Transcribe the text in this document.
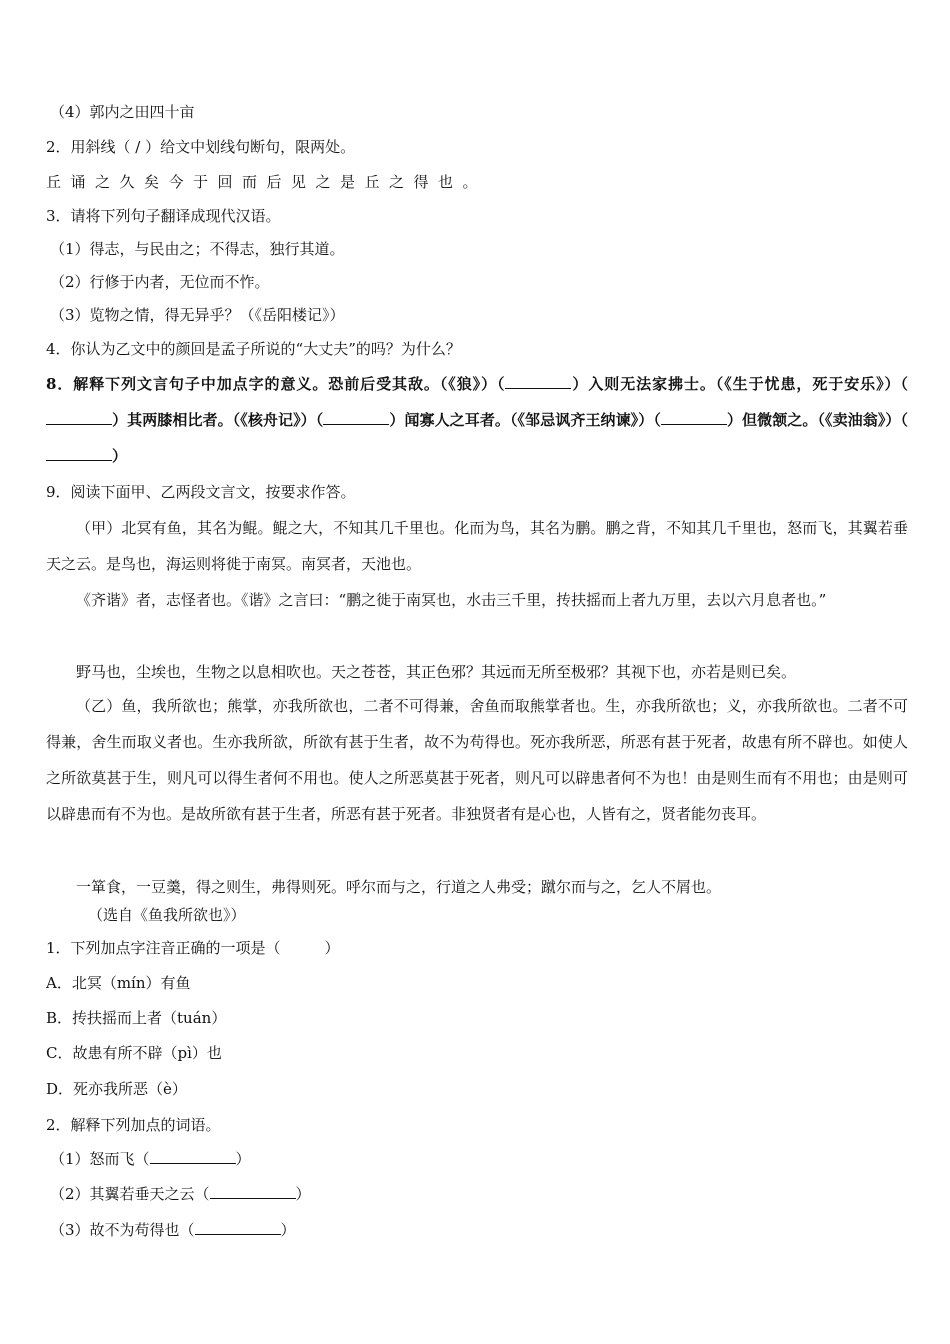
（4）郭内之田四十亩
2．用斜线（ / ）给文中划线句断句，限两处。
丘诵之久矣今于回而后见之是丘之得也。
3．请将下列句子翻译成现代汉语。
（1）得志，与民由之；不得志，独行其道。
（2）行修于内者，无位而不怍。
（3）览物之情，得无异乎？（《岳阳楼记》）
4．你认为乙文中的颜回是孟子所说的“大丈夫”的吗？为什么？
8．解释下列文言句子中加点字的意义。恐前后受其敌。（《狼》）（	）入则无法家拂士。（《生于忧患，死于安乐》）（）其两膝相比者。（《核舟记》）（	）闻寡人之耳者。（《邹忌讽齐王纳谏》）（	）但微颔之。（《卖油翁》）（）
9．阅读下面甲、乙两段文言文，按要求作答。
（甲）北冥有鱼，其名为鲲。鲲之大，不知其几千里也。化而为鸟，其名为鹏。鹏之背，不知其几千里也，怒而飞，其翼若垂天之云。是鸟也，海运则将徙于南冥。南冥者，天池也。
《齐谐》者，志怪者也。《谐》之言曰：“鹏之徙于南冥也，水击三千里，抟扶摇而上者九万里，去以六月息者也。”
野马也，尘埃也，生物之以息相吹也。天之苍苍，其正色邪？其远而无所至极邪？其视下也，亦若是则已矣。
（乙）鱼，我所欲也；熊掌，亦我所欲也，二者不可得兼，舍鱼而取熊掌者也。生，亦我所欲也；义，亦我所欲也。二者不可得兼，舍生而取义者也。生亦我所欲，所欲有甚于生者，故不为苟得也。死亦我所恶，所恶有甚于死者，故患有所不辟也。如使人之所欲莫甚于生，则凡可以得生者何不用也。使人之所恶莫甚于死者，则凡可以辟患者何不为也！由是则生而有不用也；由是则可以辟患而有不为也。是故所欲有甚于生者，所恶有甚于死者。非独贤者有是心也，人皆有之，贤者能勿丧耳。
一箪食，一豆羹，得之则生，弗得则死。呼尔而与之，行道之人弗受；蹴尔而与之，乞人不屑也。
（选自《鱼我所欲也》）
1．下列加点字注音正确的一项是（	）
A．北冥（mín）有鱼
B．抟扶摇而上者（tuán）
C．故患有所不辟（pì）也
D．死亦我所恶（è）
2．解释下列加点的词语。
（1）怒而飞（	）
（2）其翼若垂天之云（	）
（3）故不为苟得也（	）
